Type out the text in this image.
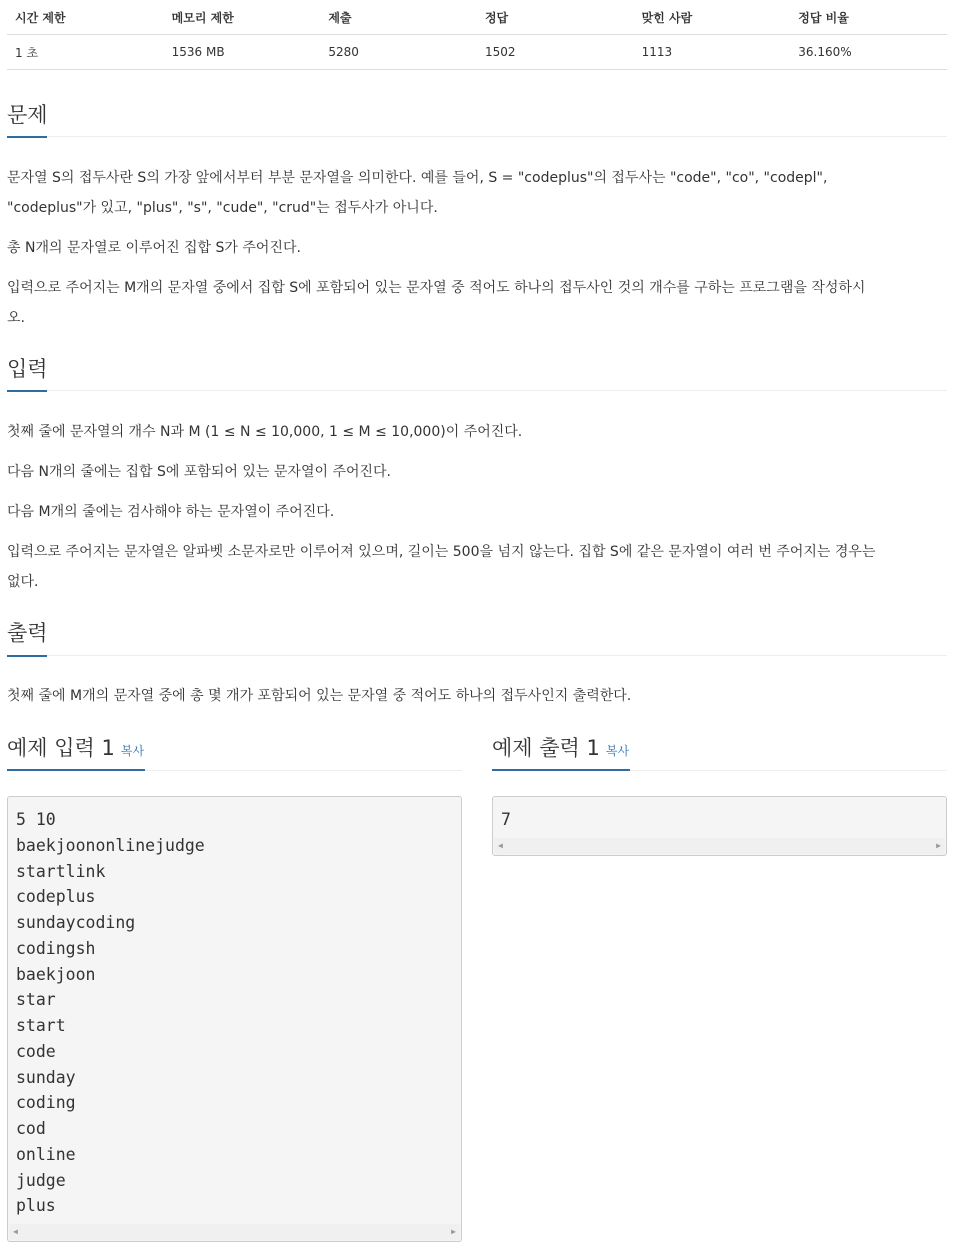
시간 제한	메모리 제한	제출	정답	맞힌 사람	정답 비율
1 초	1536 MB	5280	1502	1113	36.160%
문제

문자열 S의 접두사란 S의 가장 앞에서부터 부분 문자열을 의미한다. 예를 들어, S = "codeplus"의 접두사는 "code", "co", "codepl",

"codeplus"가 있고, "plus", "s", "cude", "crud"는 접두사가 아니다.

총 N개의 문자열로 이루어진 집합 S가 주어진다.

입력으로 주어지는 M개의 문자열 중에서 집합 S에 포함되어 있는 문자열 중 적어도 하나의 접두사인 것의 개수를 구하는 프로그램을 작성하시

오.

입력

첫째 줄에 문자열의 개수 N과 M (1 ≤ N ≤ 10,000, 1 ≤ M ≤ 10,000)이 주어진다.

다음 N개의 줄에는 집합 S에 포함되어 있는 문자열이 주어진다.

다음 M개의 줄에는 검사해야 하는 문자열이 주어진다.

입력으로 주어지는 문자열은 알파벳 소문자로만 이루어져 있으며, 길이는 500을 넘지 않는다. 집합 S에 같은 문자열이 여러 번 주어지는 경우는

없다.

출력

첫째 줄에 M개의 문자열 중에 총 몇 개가 포함되어 있는 문자열 중 적어도 하나의 접두사인지 출력한다.

예제 입력 1 복사	예제 출력 1 복사
5 10
baekjoononlinejudge
startlink
codeplus
sundaycoding
codingsh
baekjoon
star
start
code
sunday
coding
cod
online
judge
plus
◀	▶
7
◀	▶
